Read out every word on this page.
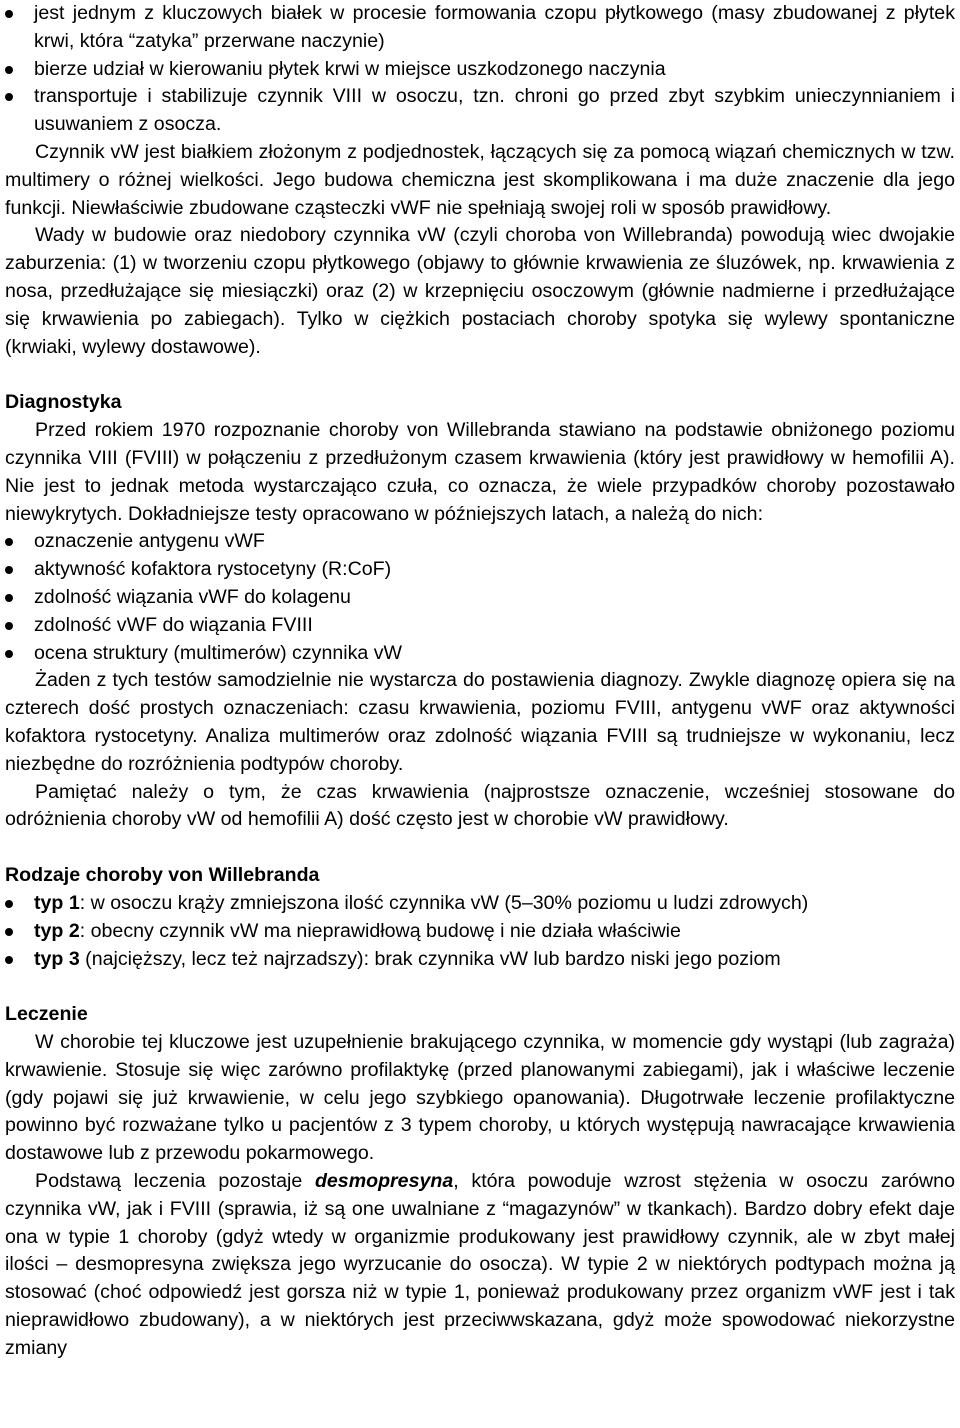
jest jednym z kluczowych białek w procesie formowania czopu płytkowego (masy zbudowanej z płytek krwi, która “zatyka” przerwane naczynie)
bierze udział w kierowaniu płytek krwi w miejsce uszkodzonego naczynia
transportuje i stabilizuje czynnik VIII w osoczu, tzn. chroni go przed zbyt szybkim unieczynnianiem i usuwaniem z osocza.

Czynnik vW jest białkiem złożonym z podjednostek, łączących się za pomocą wiązań chemicznych w tzw. multimery o różnej wielkości. Jego budowa chemiczna jest skomplikowana i ma duże znaczenie dla jego funkcji. Niewłaściwie zbudowane cząsteczki vWF nie spełniają swojej roli w sposób prawidłowy.

Wady w budowie oraz niedobory czynnika vW (czyli choroba von Willebranda) powodują wiec dwojakie zaburzenia: (1) w tworzeniu czopu płytkowego (objawy to głównie krwawienia ze śluzówek, np. krwawienia z nosa, przedłużające się miesiączki) oraz (2) w krzepnięciu osoczowym (głównie nadmierne i przedłużające się krwawienia po zabiegach). Tylko w ciężkich postaciach choroby spotyka się wylewy spontaniczne (krwiaki, wylewy dostawowe).

Diagnostyka

Przed rokiem 1970 rozpoznanie choroby von Willebranda stawiano na podstawie obniżonego poziomu czynnika VIII (FVIII) w połączeniu z przedłużonym czasem krwawienia (który jest prawidłowy w hemofilii A). Nie jest to jednak metoda wystarczająco czuła, co oznacza, że wiele przypadków choroby pozostawało niewykrytych. Dokładniejsze testy opracowano w późniejszych latach, a należą do nich:

oznaczenie antygenu vWF
aktywność kofaktora rystocetyny (R:CoF)
zdolność wiązania vWF do kolagenu
zdolność vWF do wiązania FVIII
ocena struktury (multimerów) czynnika vW

Żaden z tych testów samodzielnie nie wystarcza do postawienia diagnozy. Zwykle diagnozę opiera się na czterech dość prostych oznaczeniach: czasu krwawienia, poziomu FVIII, antygenu vWF oraz aktywności kofaktora rystocetyny. Analiza multimerów oraz zdolność wiązania FVIII są trudniejsze w wykonaniu, lecz niezbędne do rozróżnienia podtypów choroby.

Pamiętać należy o tym, że czas krwawienia (najprostsze oznaczenie, wcześniej stosowane do odróżnienia choroby vW od hemofilii A) dość często jest w chorobie vW prawidłowy.

Rodzaje choroby von Willebranda
typ 1: w osoczu krąży zmniejszona ilość czynnika vW (5–30% poziomu u ludzi zdrowych)
typ 2: obecny czynnik vW ma nieprawidłową budowę i nie działa właściwie
typ 3 (najcięższy, lecz też najrzadszy): brak czynnika vW lub bardzo niski jego poziom
Leczenie

W chorobie tej kluczowe jest uzupełnienie brakującego czynnika, w momencie gdy wystąpi (lub zagraża) krwawienie. Stosuje się więc zarówno profilaktykę (przed planowanymi zabiegami), jak i właściwe leczenie (gdy pojawi się już krwawienie, w celu jego szybkiego opanowania). Długotrwałe leczenie profilaktyczne powinno być rozważane tylko u pacjentów z 3 typem choroby, u których występują nawracające krwawienia dostawowe lub z przewodu pokarmowego.

Podstawą leczenia pozostaje desmopresyna, która powoduje wzrost stężenia w osoczu zarówno czynnika vW, jak i FVIII (sprawia, iż są one uwalniane z “magazynów” w tkankach). Bardzo dobry efekt daje ona w typie 1 choroby (gdyż wtedy w organizmie produkowany jest prawidłowy czynnik, ale w zbyt małej ilości – desmopresyna zwiększa jego wyrzucanie do osocza). W typie 2 w niektórych podtypach można ją stosować (choć odpowiedź jest gorsza niż w typie 1, ponieważ produkowany przez organizm vWF jest i tak nieprawidłowo zbudowany), a w niektórych jest przeciwwskazana, gdyż może spowodować niekorzystne zmiany
